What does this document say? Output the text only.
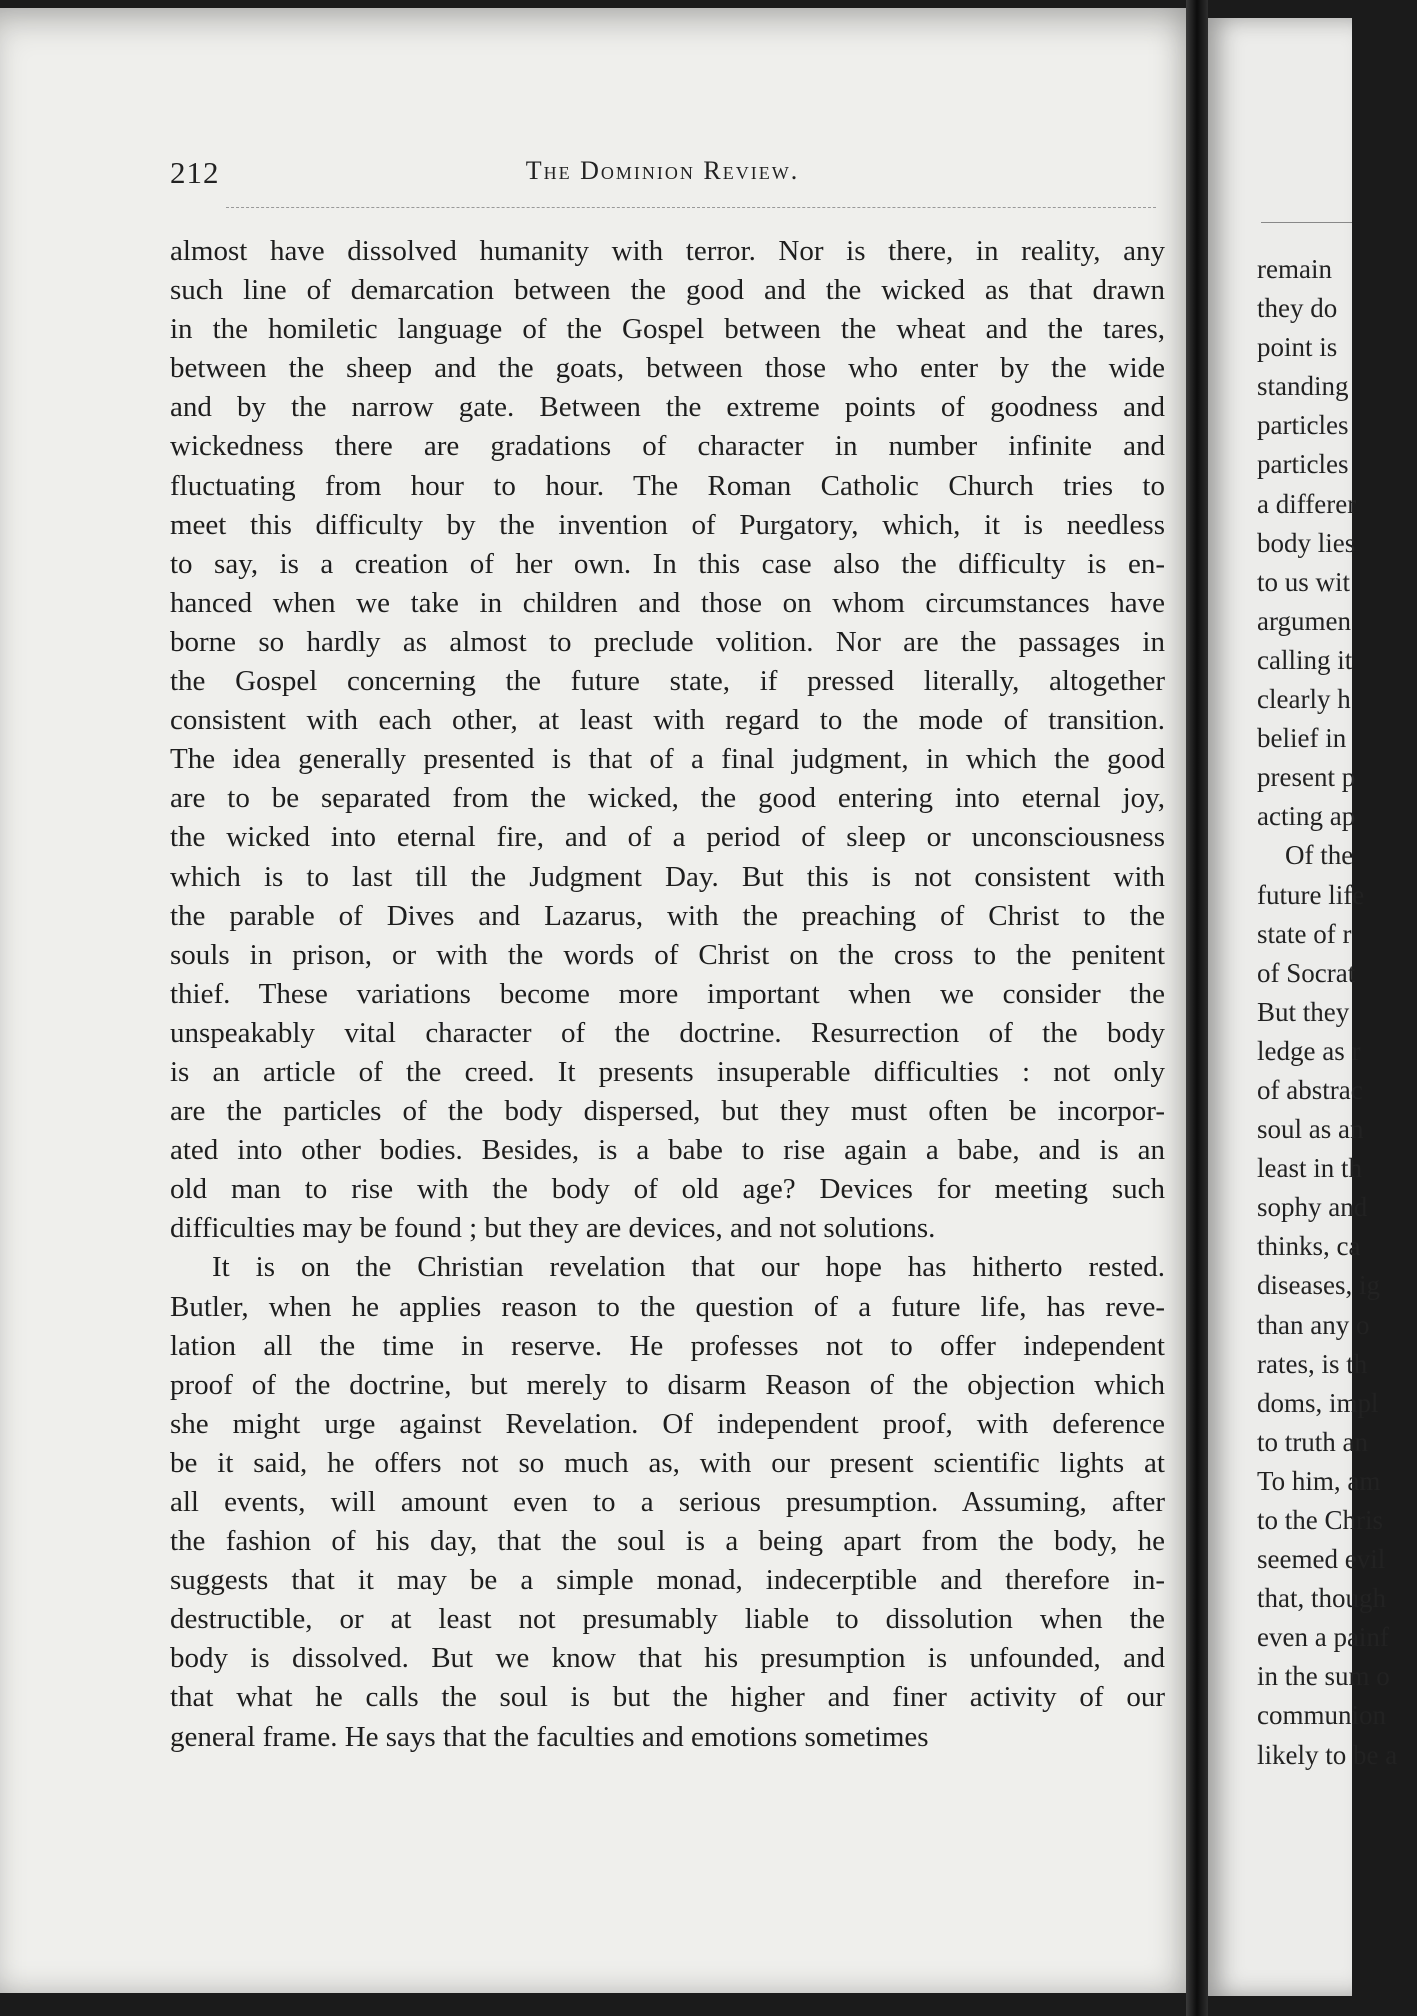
remain
they do
point is
standing
particles
particles
a differer
body lies
to us wit
argumen
calling it
clearly h
belief in
present p
acting ap
Of the
future life
state of r
of Socrat
But they
ledge as r
of abstrac
soul as an
least in th
sophy and
thinks, ca
diseases, ig
than any o
rates, is th
doms, impl
to truth an
To him, am
to the Chris
seemed evil
that, though
even a painf
in the sum o
communion
likely to be a
212	The Dominion Review.
almost have dissolved humanity with terror. Nor is there, in reality, any
such line of demarcation between the good and the wicked as that drawn
in the homiletic language of the Gospel between the wheat and the tares,
between the sheep and the goats, between those who enter by the wide
and by the narrow gate. Between the extreme points of goodness and
wickedness there are gradations of character in number infinite and
fluctuating from hour to hour. The Roman Catholic Church tries to
meet this difficulty by the invention of Purgatory, which, it is needless
to say, is a creation of her own. In this case also the difficulty is en-
hanced when we take in children and those on whom circumstances have
borne so hardly as almost to preclude volition. Nor are the passages in
the Gospel concerning the future state, if pressed literally, altogether
consistent with each other, at least with regard to the mode of transition.
The idea generally presented is that of a final judgment, in which the good
are to be separated from the wicked, the good entering into eternal joy,
the wicked into eternal fire, and of a period of sleep or unconsciousness
which is to last till the Judgment Day. But this is not consistent with
the parable of Dives and Lazarus, with the preaching of Christ to the
souls in prison, or with the words of Christ on the cross to the penitent
thief. These variations become more important when we consider the
unspeakably vital character of the doctrine. Resurrection of the body
is an article of the creed. It presents insuperable difficulties : not only
are the particles of the body dispersed, but they must often be incorpor-
ated into other bodies. Besides, is a babe to rise again a babe, and is an
old man to rise with the body of old age? Devices for meeting such
difficulties may be found ; but they are devices, and not solutions.
It is on the Christian revelation that our hope has hitherto rested.
Butler, when he applies reason to the question of a future life, has reve-
lation all the time in reserve. He professes not to offer independent
proof of the doctrine, but merely to disarm Reason of the objection which
she might urge against Revelation. Of independent proof, with deference
be it said, he offers not so much as, with our present scientific lights at
all events, will amount even to a serious presumption. Assuming, after
the fashion of his day, that the soul is a being apart from the body, he
suggests that it may be a simple monad, indecerptible and therefore in-
destructible, or at least not presumably liable to dissolution when the
body is dissolved. But we know that his presumption is unfounded, and
that what he calls the soul is but the higher and finer activity of our
general frame. He says that the faculties and emotions sometimes
